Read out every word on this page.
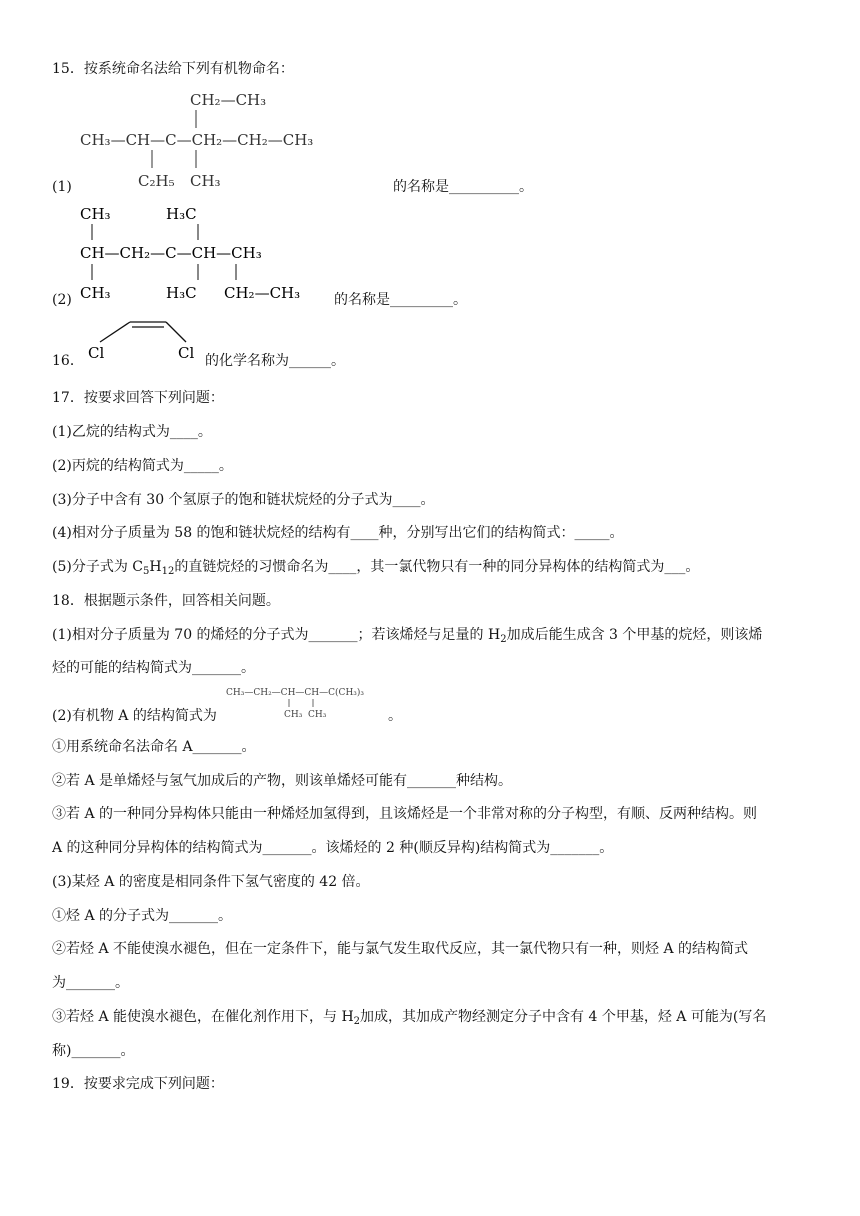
15．按系统命名法给下列有机物命名：
CH₂—CH₃
CH₃—CH—C—CH₂—CH₂—CH₃
C₂H₅ CH₃
(1)	的名称是__________。
CH₃	H₃C
CH—CH₂—C—CH—CH₃
CH₃	H₃C CH₂—CH₃
(2)	的名称是_________。
16． Cl	Cl 的化学名称为______。
17．按要求回答下列问题：
(1)乙烷的结构式为____。
(2)丙烷的结构简式为_____。
(3)分子中含有 30 个氢原子的饱和链状烷烃的分子式为____。
(4)相对分子质量为 58 的饱和链状烷烃的结构有____种，分别写出它们的结构简式：_____。
(5)分子式为 $C_5H_{12}$的直链烷烃的习惯命名为____，其一氯代物只有一种的同分异构体的结构简式为___。
18．根据题示条件，回答相关问题。
(1)相对分子质量为 70 的烯烃的分子式为_______；若该烯烃与足量的 $H_2$加成后能生成含 3 个甲基的烷烃，则该烯
烃的可能的结构简式为_______。
(2)有机物 A 的结构简式为
CH₃—CH₂—CH—CH—C(CH₃)₃
CH₃ CH₃	。
①用系统命名法命名 A_______。
②若 A 是单烯烃与氢气加成后的产物，则该单烯烃可能有_______种结构。
③若 A 的一种同分异构体只能由一种烯烃加氢得到，且该烯烃是一个非常对称的分子构型，有顺、反两种结构。则
A 的这种同分异构体的结构简式为_______。该烯烃的 2 种(顺反异构)结构简式为_______。
(3)某烃 A 的密度是相同条件下氢气密度的 42 倍。
①烃 A 的分子式为_______。
②若烃 A 不能使溴水褪色，但在一定条件下，能与氯气发生取代反应，其一氯代物只有一种，则烃 A 的结构简式
为_______。
③若烃 A 能使溴水褪色，在催化剂作用下，与 $H_2$加成，其加成产物经测定分子中含有 4 个甲基，烃 A 可能为(写名
称)_______。
19．按要求完成下列问题：
